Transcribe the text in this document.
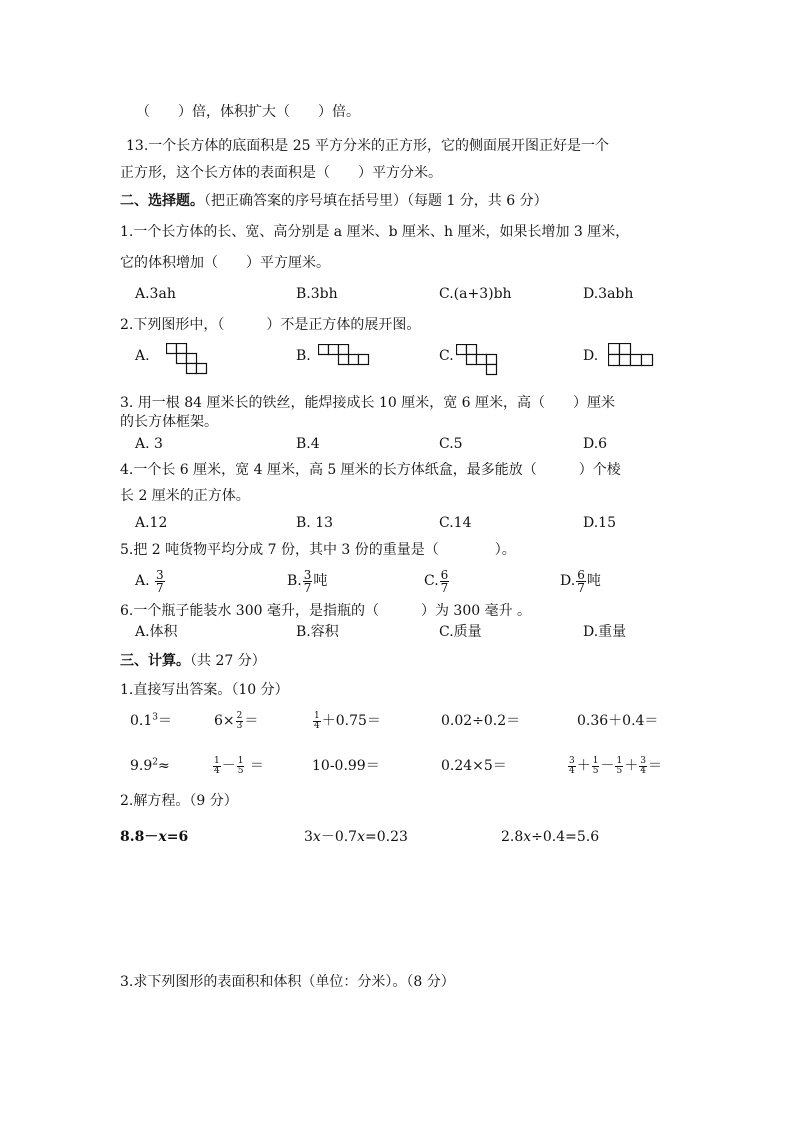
（　　）倍，体积扩大（　　）倍。
13.一个长方体的底面积是 25 平方分米的正方形，它的侧面展开图正好是一个
正方形，这个长方体的表面积是（　　）平方分米。
二、选择题。（把正确答案的序号填在括号里）（每题 1 分，共 6 分）
1.一个长方体的长、宽、高分别是 a 厘米、b 厘米、h 厘米，如果长增加 3 厘米，
它的体积增加（　　）平方厘米。
A.3ah	B.3bh	C.(a+3)bh	D.3abh
2.下列图形中，（　　　）不是正方体的展开图。
A.	B.	C.	D.
3. 用一根 84 厘米长的铁丝，能焊接成长 10 厘米，宽 6 厘米，高（　　）厘米
的长方体框架。
A. 3	B.4	C.5	D.6
4.一个长 6 厘米，宽 4 厘米，高 5 厘米的长方体纸盒，最多能放（　　　）个棱
长 2 厘米的正方体。
A.12	B. 13	C.14	D.15
5.把 2 吨货物平均分成 7 份，其中 3 份的重量是（　　　　）。
A. $\frac{3}{7}$	B. $\frac{3}{7}$ 吨	C. $\frac{6}{7}$	D. $\frac{6}{7}$ 吨
6.一个瓶子能装水 300 毫升，是指瓶的（　　　）为 300 毫升 。
A.体积	B.容积	C.质量	D.重量
三、计算。（共 27 分）
1.直接写出答案。（10 分）
$0.1^3=$	$6\times \frac{2}{3}$ ＝	$\frac{1}{4} +0.75=$	0.02÷0.2＝	0.36＋0.4＝
$9.9^2\approx$	$\frac{1}{4} - \frac{1}{5}$ ＝	10-0.99＝	0.24×5＝	$\frac{3}{4} + \frac{1}{5} - \frac{1}{5} + \frac{3}{4}$ ＝
2.解方程。（9 分）
8.8－x=6	3x－0.7x=0.23	2.8x÷0.4=5.6
3.求下列图形的表面积和体积（单位：分米）。（8 分）
